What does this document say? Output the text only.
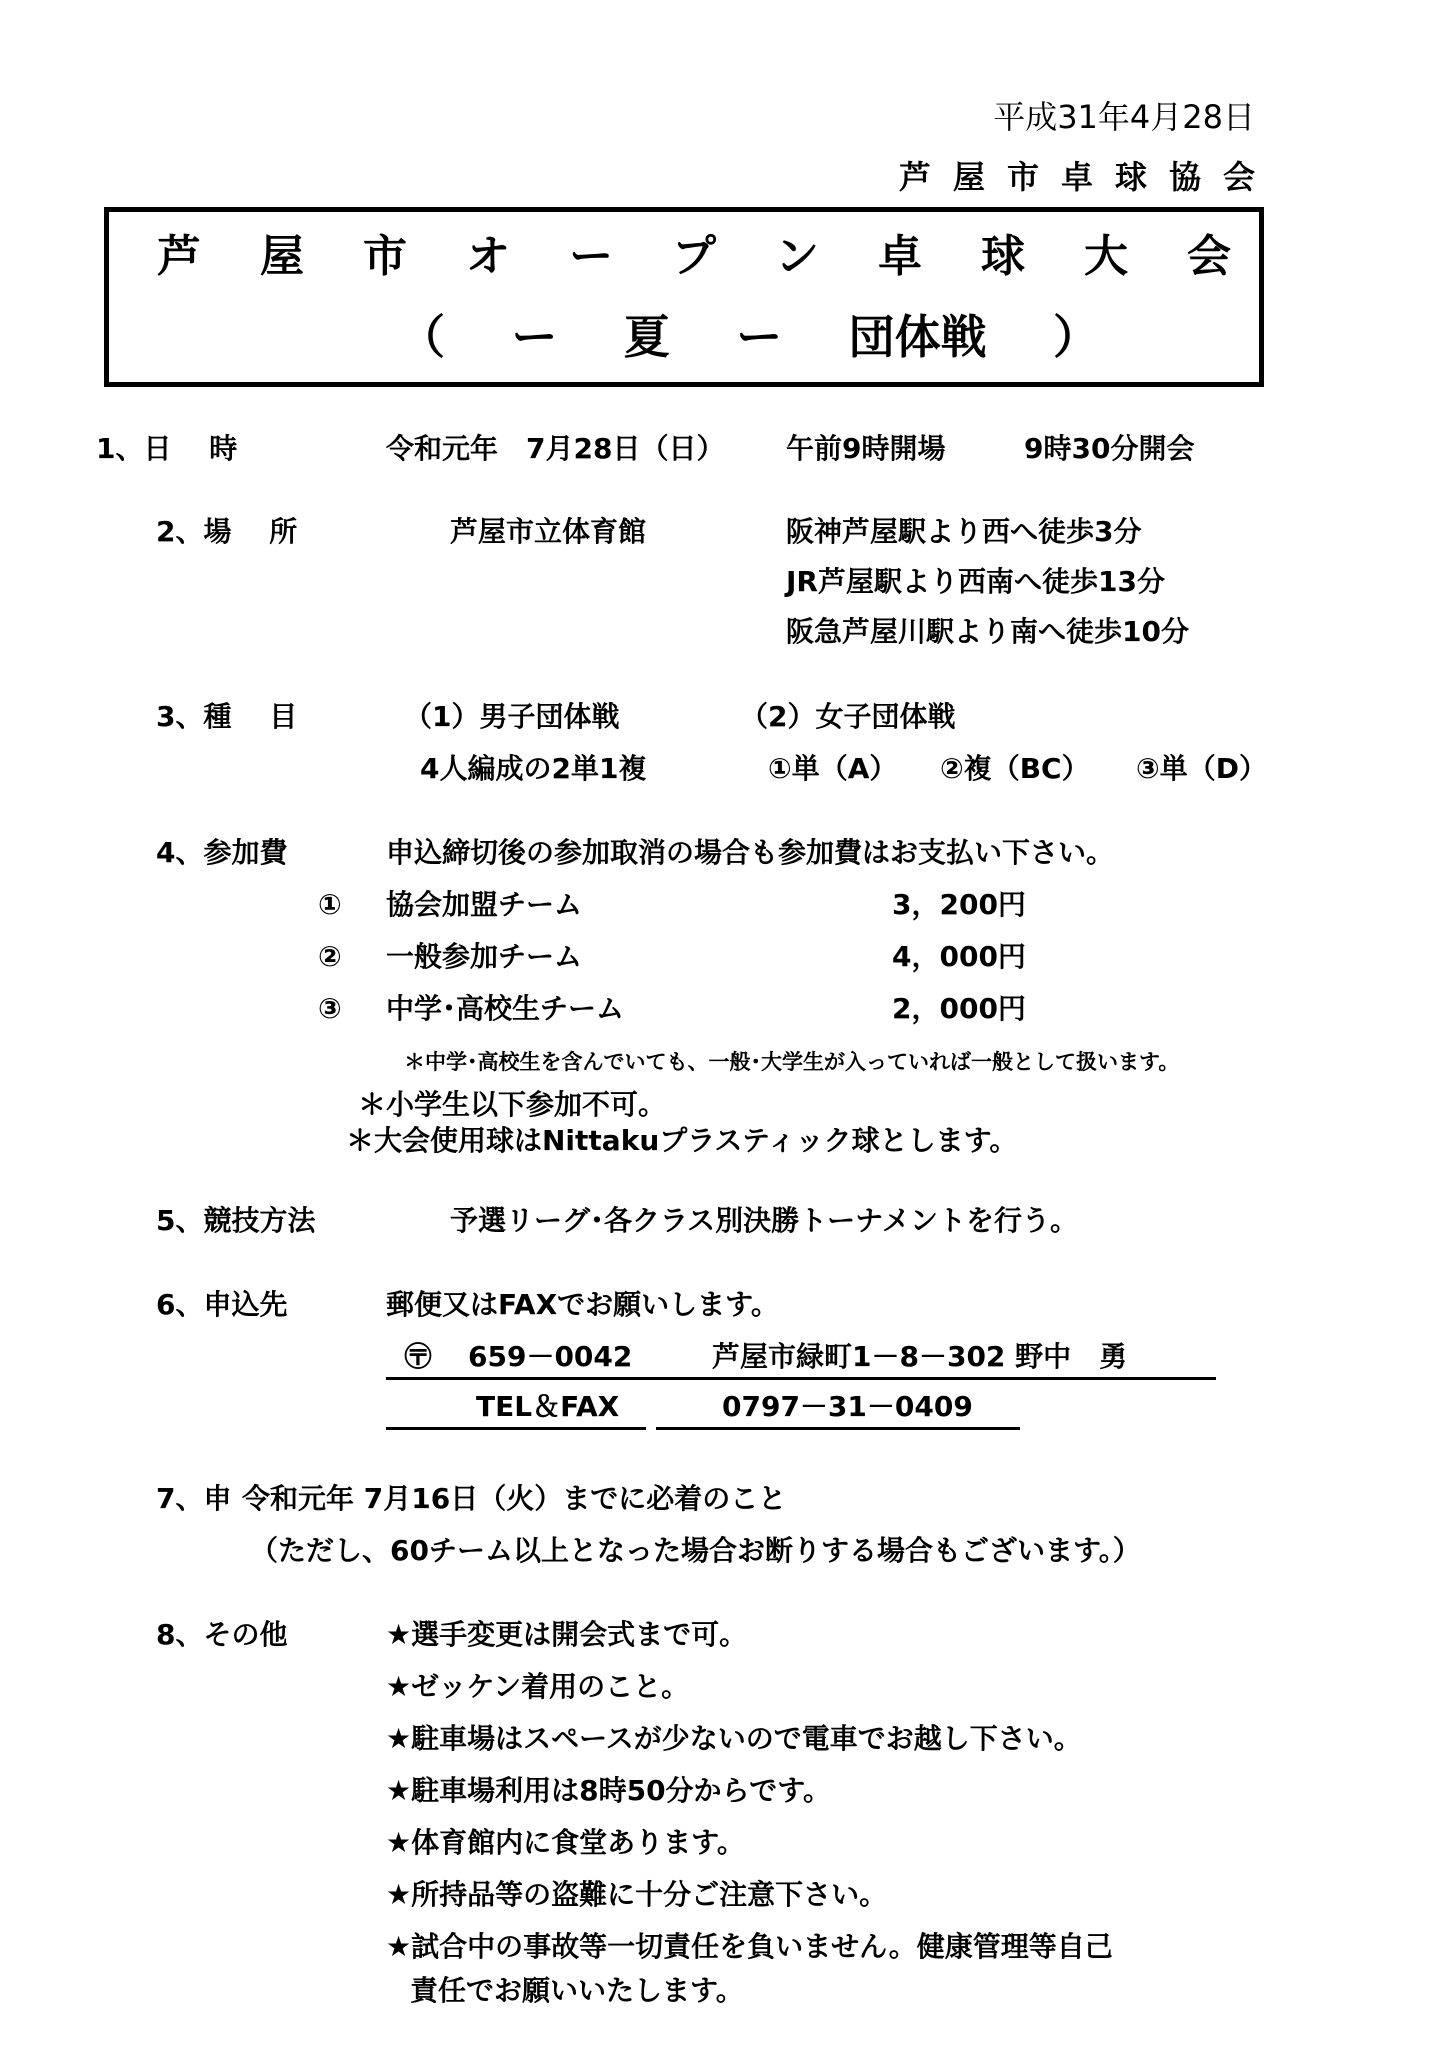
平成31年4月28日
芦屋市卓球協会
芦 屋 市 オ ー プ ン 卓 球 大 会
（ ー 夏 ー 団体戦 ）
1、日　 時	令和元年　7月28日（日） 午前9時開場	9時30分開会
2、場　 所	芦屋市立体育館	阪神芦屋駅より西へ徒歩3分
JR芦屋駅より西南へ徒歩13分
阪急芦屋川駅より南へ徒歩10分
3、種　 目	（1）男子団体戦	（2）女子団体戦
4人編成の2単1複	①単（A） ②複（BC） ③単（D）
4、参加費	申込締切後の参加取消の場合も参加費はお支払い下さい。
① 協会加盟チーム	3，200円
② 一般参加チーム	4，000円
③ 中学･高校生チーム	2，000円
＊中学･高校生を含んでいても、一般･大学生が入っていれば一般として扱います。
＊小学生以下参加不可。
＊大会使用球はNittakuプラスティック球とします。
5、競技方法	予選リーグ･各クラス別決勝トーナメントを行う。
6、申込先	郵便又はFAXでお願いします。
〶 659－0042	芦屋市緑町1－8－302 野中　勇
TEL＆FAX	0797－31－0409
7、申 令和元年 7月16日（火）までに必着のこと
（ただし、60チーム以上となった場合お断りする場合もございます。）
8、その他	★選手変更は開会式まで可。
★ゼッケン着用のこと。
★駐車場はスペースが少ないので電車でお越し下さい。
★駐車場利用は8時50分からです。
★体育館内に食堂あります。
★所持品等の盗難に十分ご注意下さい。
★試合中の事故等一切責任を負いません。健康管理等自己
責任でお願いいたします。
